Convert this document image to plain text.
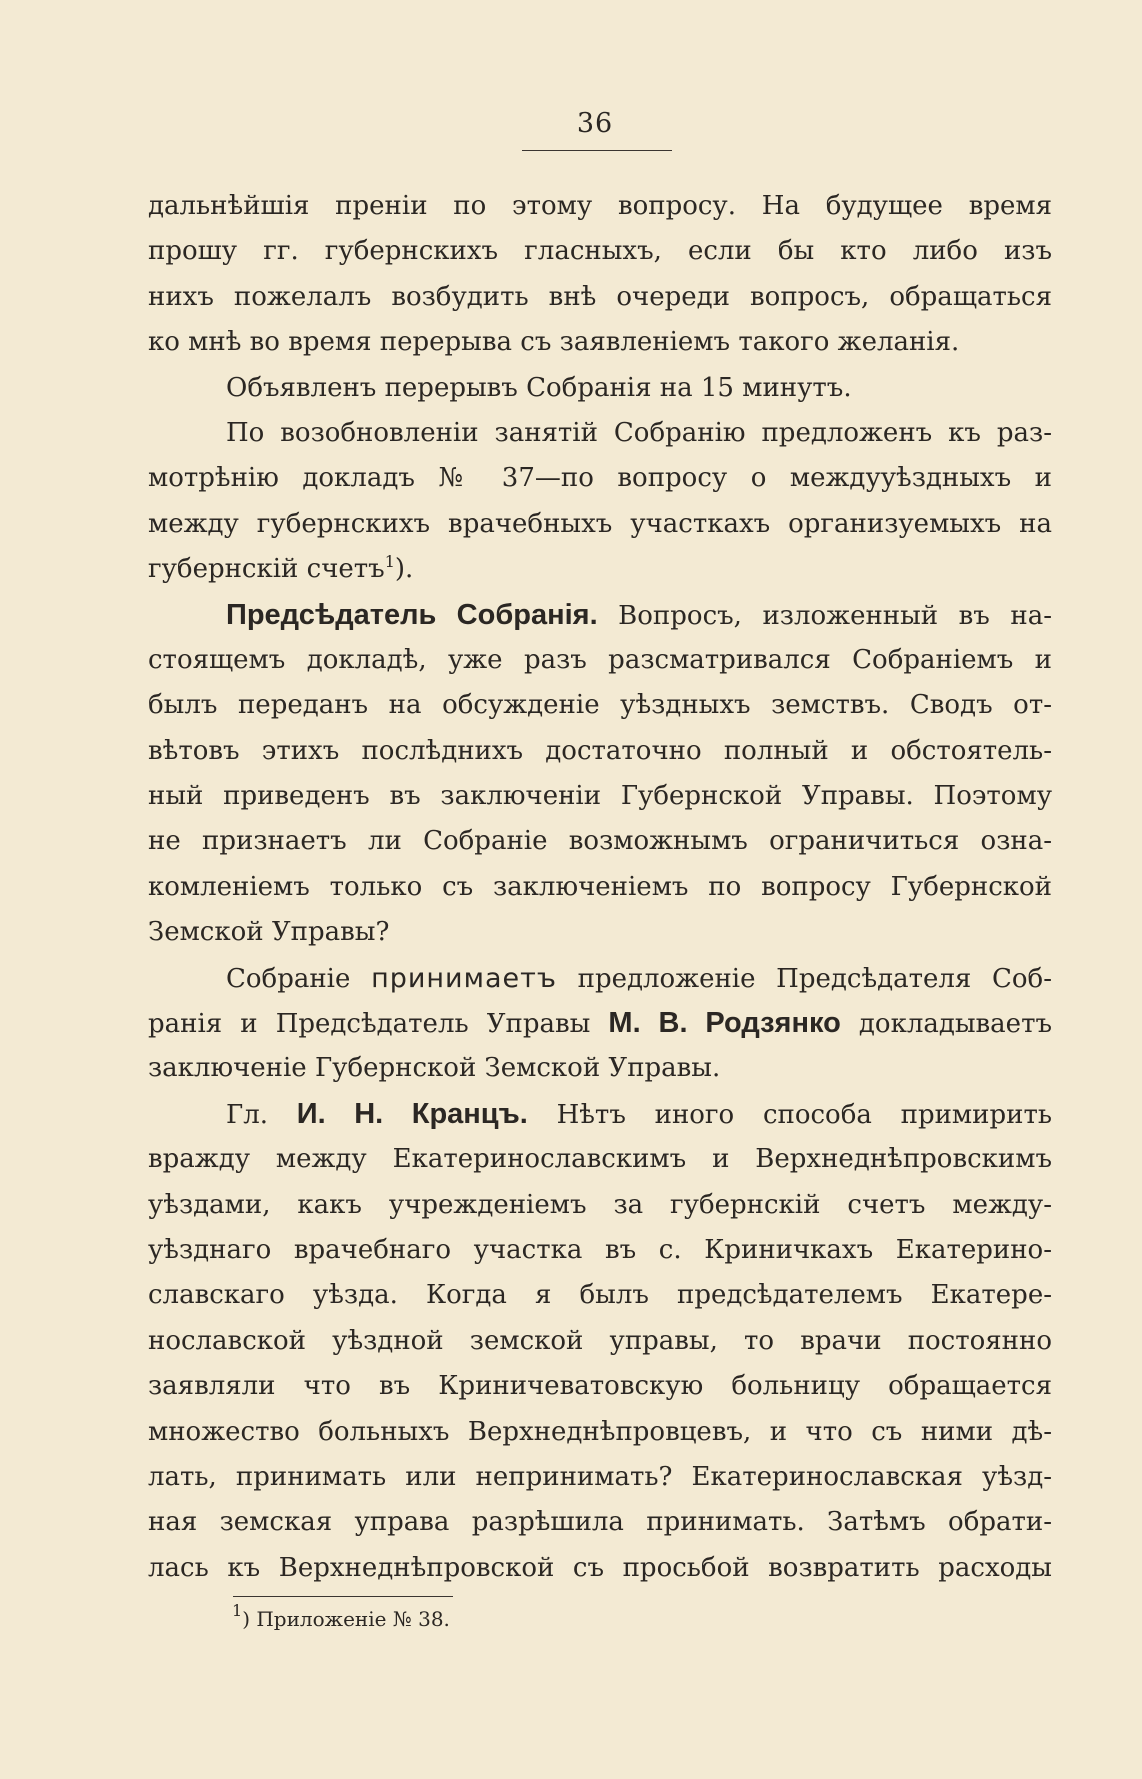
36
дальнѣйшія преніи по этому вопросу. На будущее время
прошу гг. губернскихъ гласныхъ, если бы кто либо изъ
нихъ пожелалъ возбудить внѣ очереди вопросъ, обращаться
ко мнѣ во время перерыва съ заявленіемъ такого желанія.
Объявленъ перерывъ Собранія на 15 минутъ.
По возобновленіи занятій Собранію предложенъ къ раз-
мотрѣнію докладъ № 37—по вопросу о междууѣздныхъ и
между губернскихъ врачебныхъ участкахъ организуемыхъ на
губернскій счетъ$^1$).
Предсѣдатель Собранія. Вопросъ, изложенный въ на-
стоящемъ докладѣ, уже разъ разсматривался Собраніемъ и
былъ переданъ на обсужденіе уѣздныхъ земствъ. Сводъ от-
вѣтовъ этихъ послѣднихъ достаточно полный и обстоятель-
ный приведенъ въ заключеніи Губернской Управы. Поэтому
не признаетъ ли Собраніе возможнымъ ограничиться озна-
комленіемъ только съ заключеніемъ по вопросу Губернской
Земской Управы?
Собраніе принимаетъ предложеніе Предсѣдателя Соб-
ранія и Предсѣдатель Управы М. В. Родзянко докладываетъ
заключеніе Губернской Земской Управы.
Гл. И. Н. Кранцъ. Нѣтъ иного способа примирить
вражду между Екатеринославскимъ и Верхнеднѣпровскимъ
уѣздами, какъ учрежденіемъ за губернскій счетъ между-
уѣзднаго врачебнаго участка въ с. Криничкахъ Екатерино-
славскаго уѣзда. Когда я былъ предсѣдателемъ Екатере-
нославской уѣздной земской управы, то врачи постоянно
заявляли что въ Криничеватовскую больницу обращается
множество больныхъ Верхнеднѣпровцевъ, и что съ ними дѣ-
лать, принимать или непринимать? Екатеринославская уѣзд-
ная земская управа разрѣшила принимать. Затѣмъ обрати-
лась къ Верхнеднѣпровской съ просьбой возвратить расходы
$^1$) Приложеніе № 38.
